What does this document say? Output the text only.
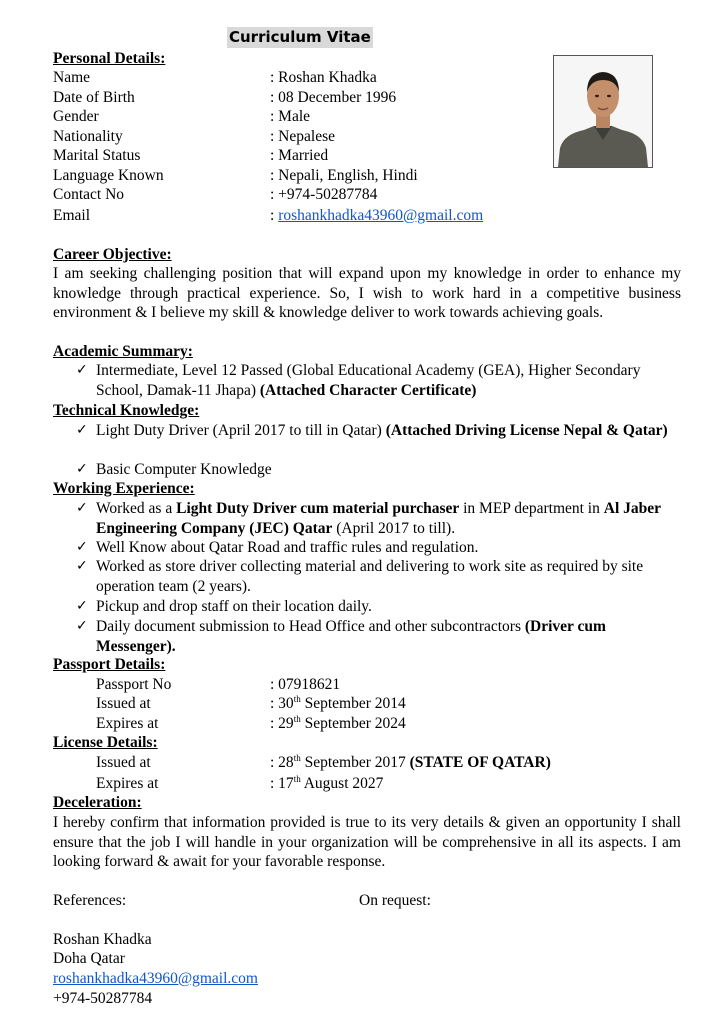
Curriculum Vitae
Personal Details:
Name	: Roshan Khadka
Date of Birth	: 08 December 1996
Gender	: Male
Nationality	: Nepalese
Marital Status	: Married
Language Known	: Nepali, English, Hindi
Contact No	: +974-50287784
Email	: roshankhadka43960@gmail.com
Career Objective:
I am seeking challenging position that will expand upon my knowledge in order to enhance my knowledge through practical experience. So, I wish to work hard in a competitive business environment & I believe my skill & knowledge deliver to work towards achieving goals.
Academic Summary:
✓ Intermediate, Level 12 Passed (Global Educational Academy (GEA), Higher Secondary School, Damak-11 Jhapa) (Attached Character Certificate)
Technical Knowledge:
✓ Light Duty Driver (April 2017 to till in Qatar) (Attached Driving License Nepal & Qatar)
✓ Basic Computer Knowledge
Working Experience:
✓ Worked as a Light Duty Driver cum material purchaser in MEP department in Al Jaber Engineering Company (JEC) Qatar (April 2017 to till).
✓ Well Know about Qatar Road and traffic rules and regulation.
✓ Worked as store driver collecting material and delivering to work site as required by site operation team (2 years).
✓ Pickup and drop staff on their location daily.
✓ Daily document submission to Head Office and other subcontractors (Driver cum Messenger).
Passport Details:
Passport No	: 07918621
Issued at	: 30th September 2014
Expires at	: 29th September 2024
License Details:
Issued at	: 28th September 2017 (STATE OF QATAR)
Expires at	: 17th August 2027
Deceleration:
I hereby confirm that information provided is true to its very details & given an opportunity I shall ensure that the job I will handle in your organization will be comprehensive in all its aspects. I am looking forward & await for your favorable response.
References:	On request:
Roshan Khadka
Doha Qatar
roshankhadka43960@gmail.com
+974-50287784
